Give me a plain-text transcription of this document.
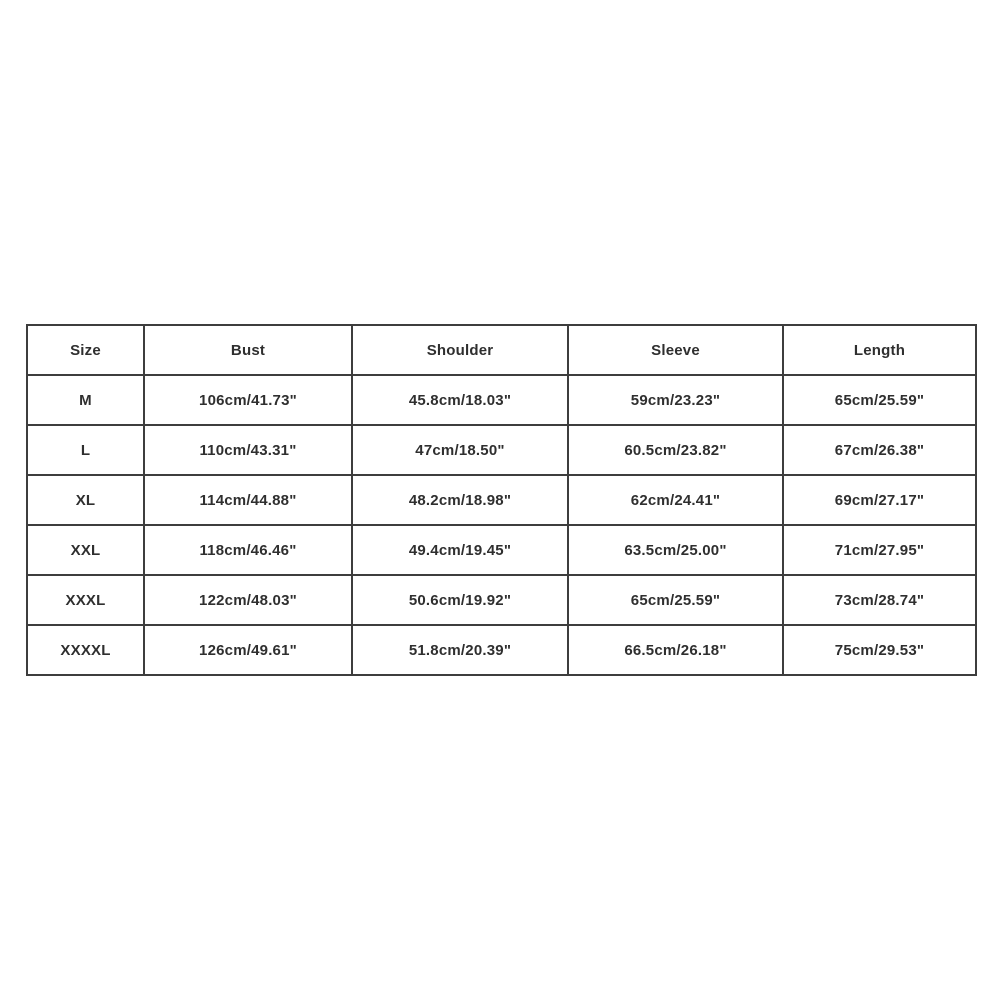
Size	Bust	Shoulder	Sleeve	Length
M	106cm/41.73"	45.8cm/18.03"	59cm/23.23"	65cm/25.59"
L	110cm/43.31"	47cm/18.50"	60.5cm/23.82"	67cm/26.38"
XL	114cm/44.88"	48.2cm/18.98"	62cm/24.41"	69cm/27.17"
XXL	118cm/46.46"	49.4cm/19.45"	63.5cm/25.00"	71cm/27.95"
XXXL	122cm/48.03"	50.6cm/19.92"	65cm/25.59"	73cm/28.74"
XXXXL	126cm/49.61"	51.8cm/20.39"	66.5cm/26.18"	75cm/29.53"
